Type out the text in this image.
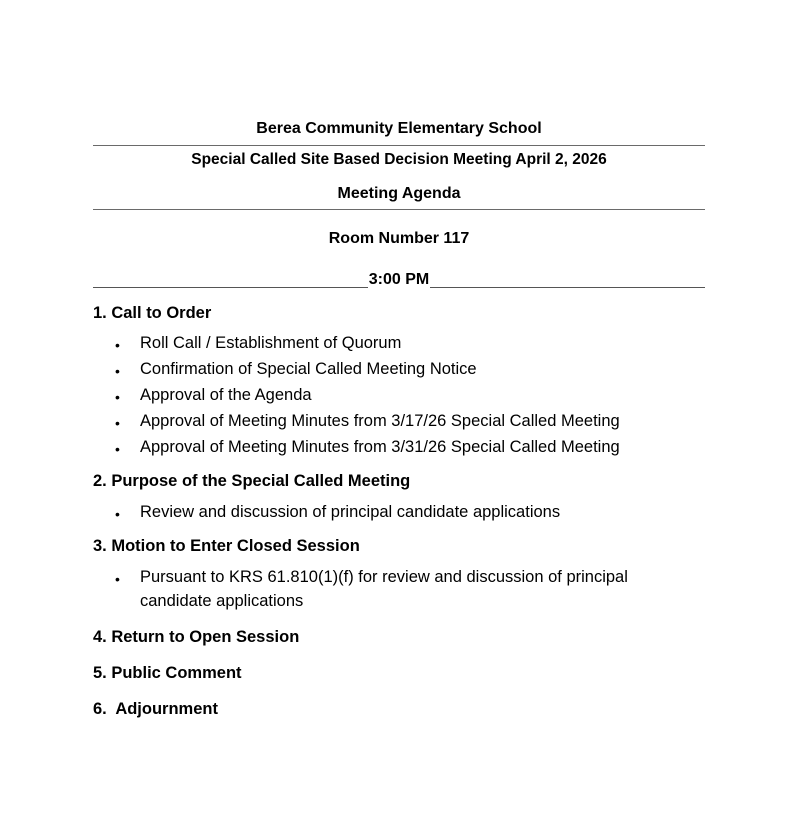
Berea Community Elementary School
Special Called Site Based Decision Meeting April 2, 2026
Meeting Agenda
Room Number 117
3:00 PM
1. Call to Order
•	Roll Call / Establishment of Quorum
•	Confirmation of Special Called Meeting Notice
•	Approval of the Agenda
•	Approval of Meeting Minutes from 3/17/26 Special Called Meeting
•	Approval of Meeting Minutes from 3/31/26 Special Called Meeting
2. Purpose of the Special Called Meeting
•	Review and discussion of principal candidate applications
3. Motion to Enter Closed Session
•	Pursuant to KRS 61.810(1)(f) for review and discussion of principal candidate applications
4. Return to Open Session
5. Public Comment
6.  Adjournment
